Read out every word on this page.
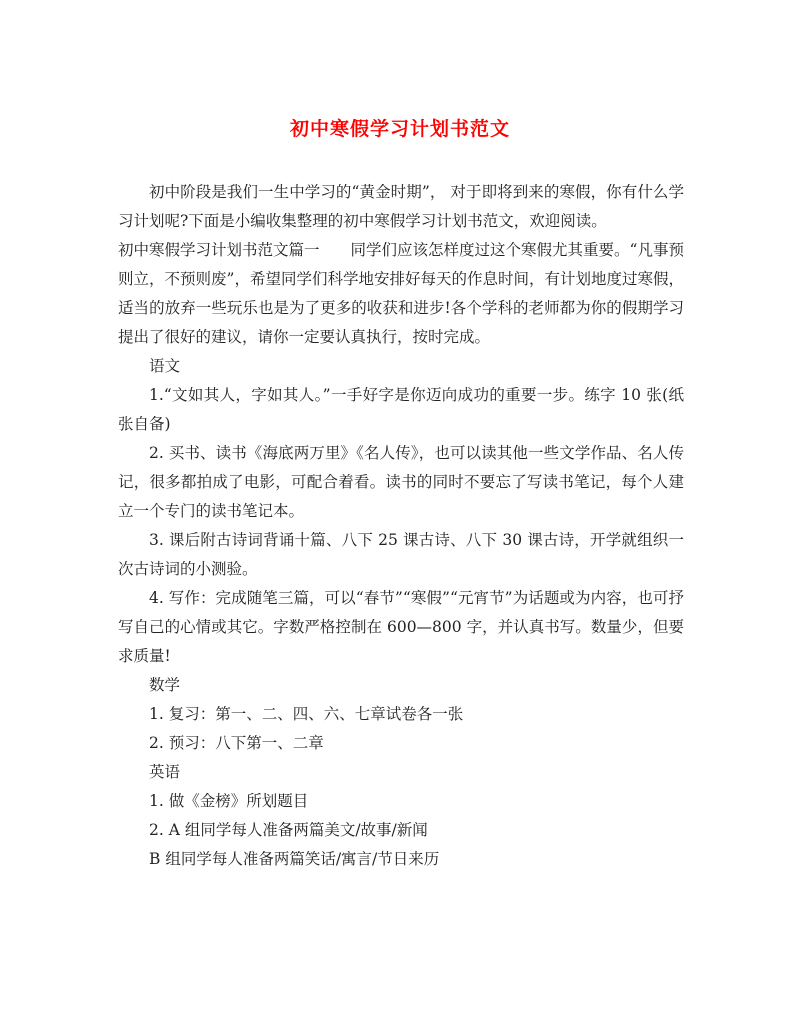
初中寒假学习计划书范文

初中阶段是我们一生中学习的“黄金时期”， 对于即将到来的寒假，你有什么学习计划呢?下面是小编收集整理的初中寒假学习计划书范文，欢迎阅读。

初中寒假学习计划书范文篇一　　同学们应该怎样度过这个寒假尤其重要。“凡事预则立，不预则废”，希望同学们科学地安排好每天的作息时间，有计划地度过寒假，适当的放弃一些玩乐也是为了更多的收获和进步!各个学科的老师都为你的假期学习提出了很好的建议，请你一定要认真执行，按时完成。

语文

1.“文如其人，字如其人。”一手好字是你迈向成功的重要一步。练字 10 张(纸张自备)

2. 买书、读书《海底两万里》《名人传》，也可以读其他一些文学作品、名人传记，很多都拍成了电影，可配合着看。读书的同时不要忘了写读书笔记，每个人建立一个专门的读书笔记本。

3. 课后附古诗词背诵十篇、八下 25 课古诗、八下 30 课古诗，开学就组织一次古诗词的小测验。

4. 写作：完成随笔三篇，可以“春节”“寒假”“元宵节”为话题或为内容，也可抒写自己的心情或其它。字数严格控制在 600—800 字，并认真书写。数量少，但要求质量!

数学

1. 复习：第一、二、四、六、七章试卷各一张

2. 预习：八下第一、二章

英语

1. 做《金榜》所划题目

2. A 组同学每人准备两篇美文/故事/新闻

B 组同学每人准备两篇笑话/寓言/节日来历
